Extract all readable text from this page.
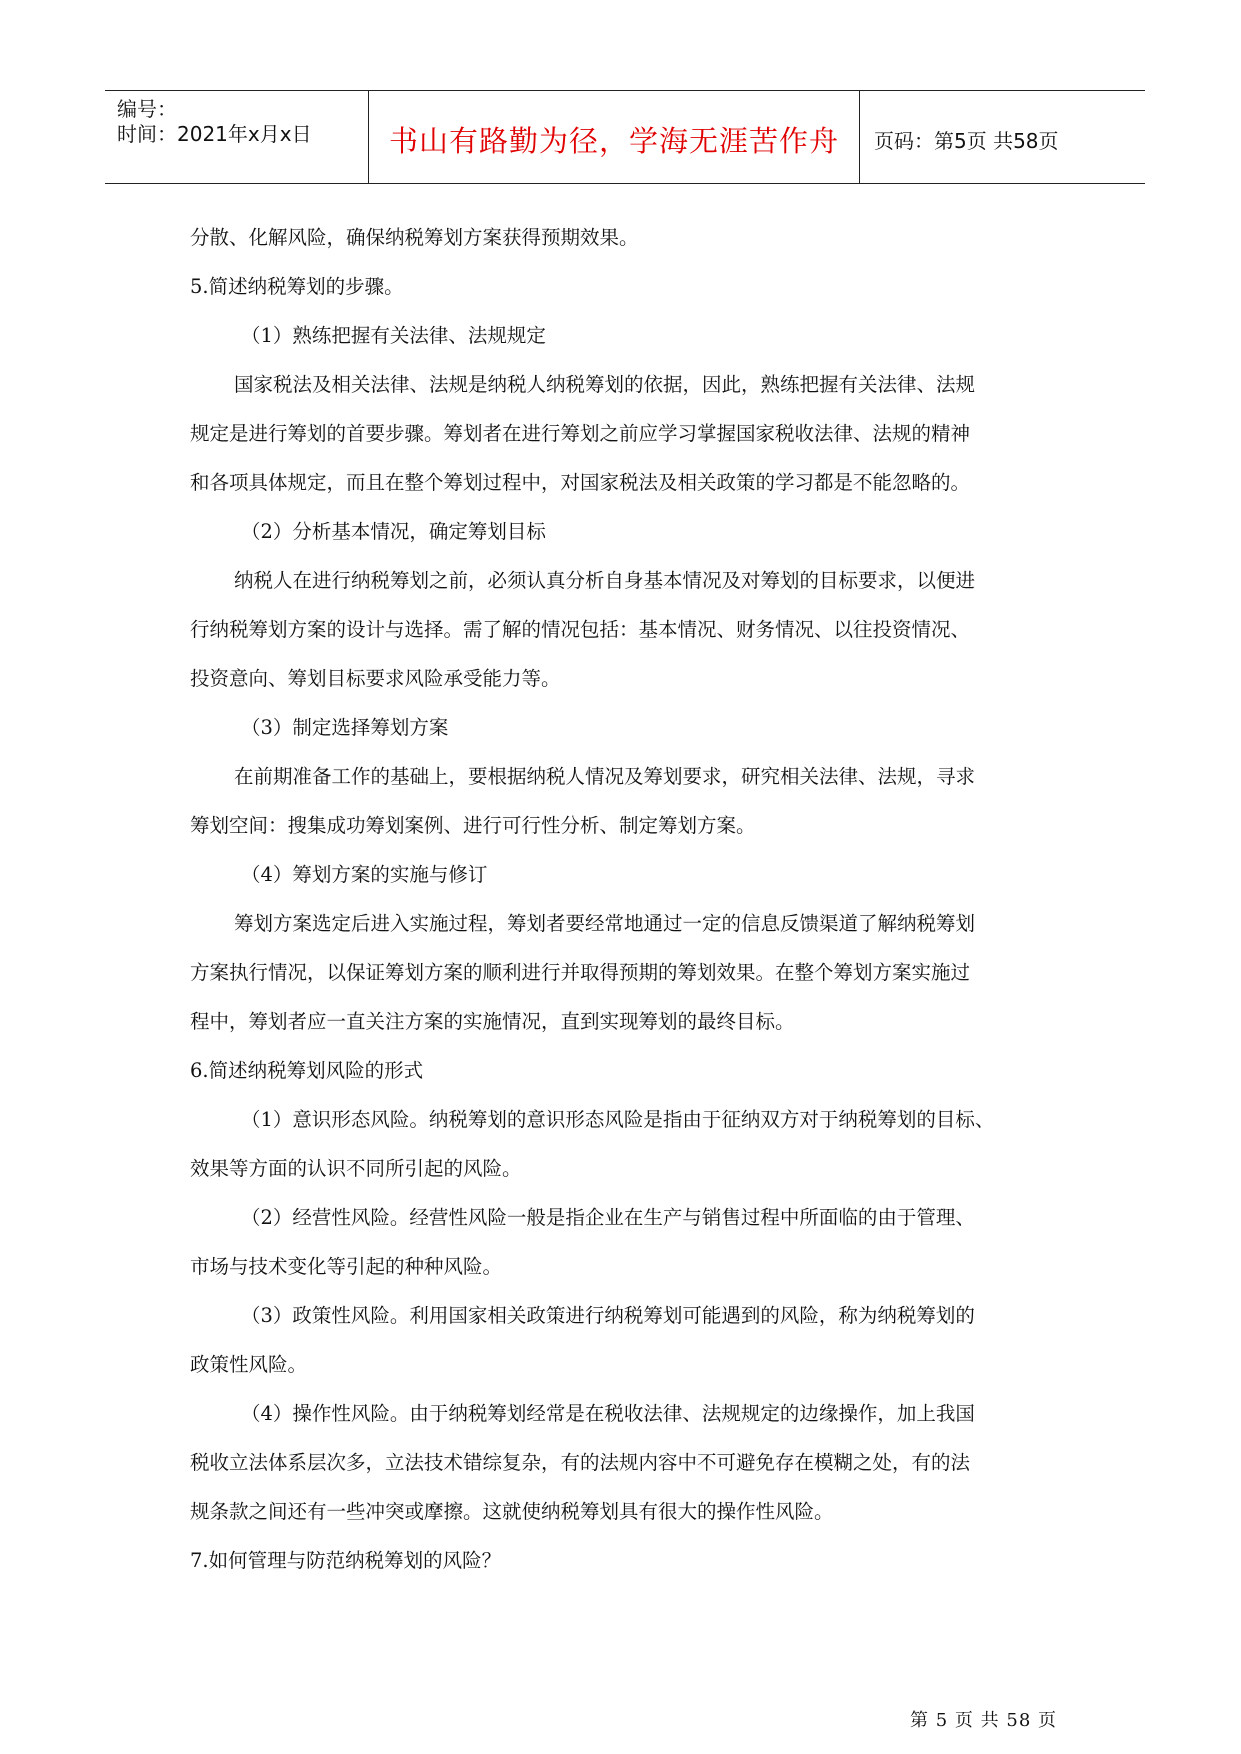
编号：
时间：2021年x月x日	书山有路勤为径，学海无涯苦作舟	页码：第5页 共58页
分散、化解风险，确保纳税筹划方案获得预期效果。
5.简述纳税筹划的步骤。
（1）熟练把握有关法律、法规规定
国家税法及相关法律、法规是纳税人纳税筹划的依据，因此，熟练把握有关法律、法规
规定是进行筹划的首要步骤。筹划者在进行筹划之前应学习掌握国家税收法律、法规的精神
和各项具体规定，而且在整个筹划过程中，对国家税法及相关政策的学习都是不能忽略的。
（2）分析基本情况，确定筹划目标
纳税人在进行纳税筹划之前，必须认真分析自身基本情况及对筹划的目标要求，以便进
行纳税筹划方案的设计与选择。需了解的情况包括：基本情况、财务情况、以往投资情况、
投资意向、筹划目标要求风险承受能力等。
（3）制定选择筹划方案
在前期准备工作的基础上，要根据纳税人情况及筹划要求，研究相关法律、法规，寻求
筹划空间：搜集成功筹划案例、进行可行性分析、制定筹划方案。
（4）筹划方案的实施与修订
筹划方案选定后进入实施过程，筹划者要经常地通过一定的信息反馈渠道了解纳税筹划
方案执行情况，以保证筹划方案的顺利进行并取得预期的筹划效果。在整个筹划方案实施过
程中，筹划者应一直关注方案的实施情况，直到实现筹划的最终目标。
6.简述纳税筹划风险的形式
（1）意识形态风险。纳税筹划的意识形态风险是指由于征纳双方对于纳税筹划的目标、
效果等方面的认识不同所引起的风险。
（2）经营性风险。经营性风险一般是指企业在生产与销售过程中所面临的由于管理、
市场与技术变化等引起的种种风险。
（3）政策性风险。利用国家相关政策进行纳税筹划可能遇到的风险，称为纳税筹划的
政策性风险。
（4）操作性风险。由于纳税筹划经常是在税收法律、法规规定的边缘操作，加上我国
税收立法体系层次多，立法技术错综复杂，有的法规内容中不可避免存在模糊之处，有的法
规条款之间还有一些冲突或摩擦。这就使纳税筹划具有很大的操作性风险。
7.如何管理与防范纳税筹划的风险？
第 5 页 共 58 页
